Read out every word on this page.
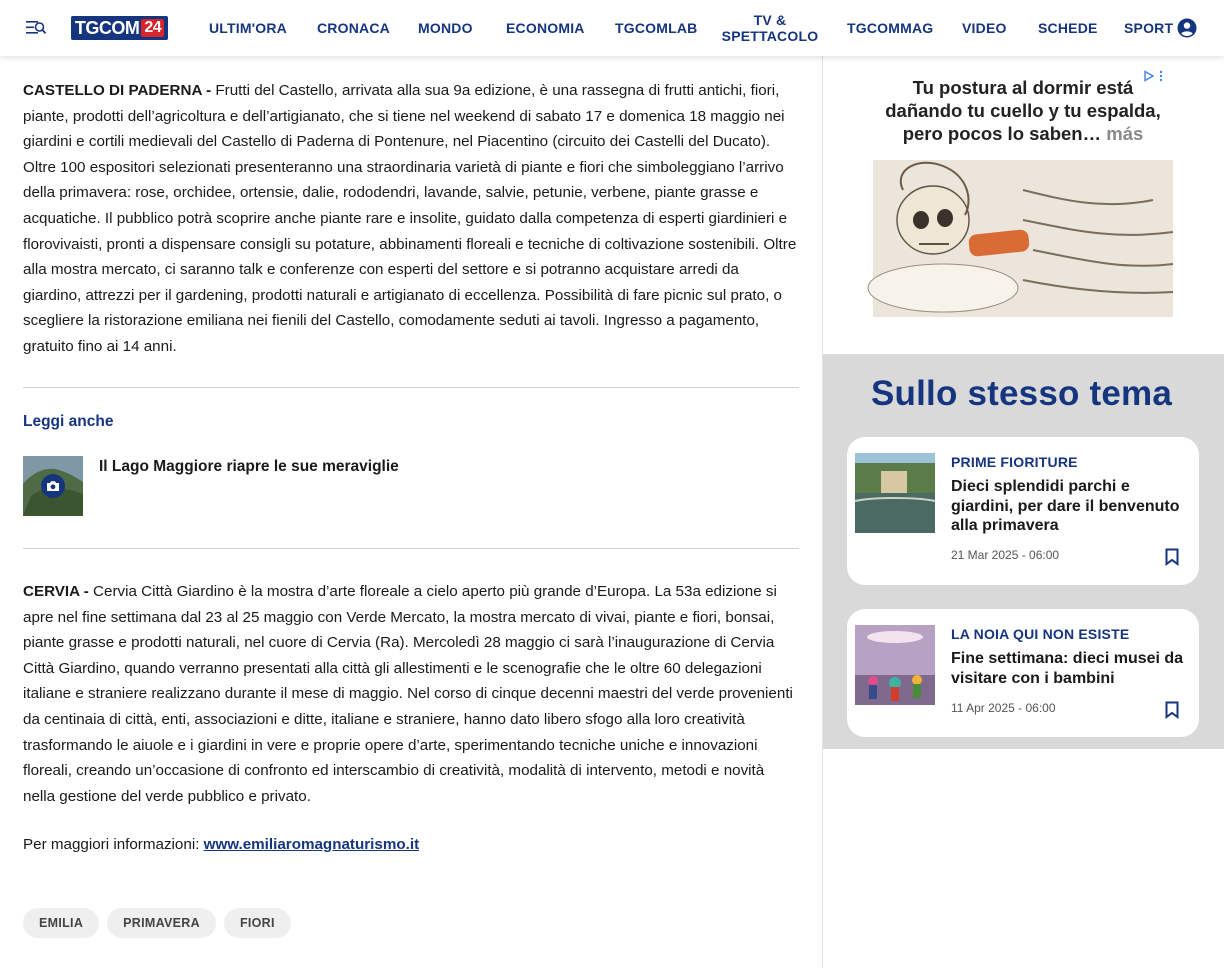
TGCOM 24	ULTIM'ORA CRONACA MONDO ECONOMIA TGCOMLAB	TV & SPETTACOLO TGCOMMAG VIDEO SCHEDE SPORT

CASTELLO DI PADERNA - Frutti del Castello, arrivata alla sua 9a edizione, è una rassegna di frutti antichi, fiori, piante, prodotti dell’agricoltura e dell’artigianato, che si tiene nel weekend di sabato 17 e domenica 18 maggio nei giardini e cortili medievali del Castello di Paderna di Pontenure, nel Piacentino (circuito dei Castelli del Ducato). Oltre 100 espositori selezionati presenteranno una straordinaria varietà di piante e fiori che simboleggiano l’arrivo della primavera: rose, orchidee, ortensie, dalie, rododendri, lavande, salvie, petunie, verbene, piante grasse e acquatiche. Il pubblico potrà scoprire anche piante rare e insolite, guidato dalla competenza di esperti giardinieri e florovivaisti, pronti a dispensare consigli su potature, abbinamenti floreali e tecniche di coltivazione sostenibili. Oltre alla mostra mercato, ci saranno talk e conferenze con esperti del settore e si potranno acquistare arredi da giardino, attrezzi per il gardening, prodotti naturali e artigianato di eccellenza. Possibilità di fare picnic sul prato, o scegliere la ristorazione emiliana nei fienili del Castello, comodamente seduti ai tavoli. Ingresso a pagamento, gratuito fino ai 14 anni.

Leggi anche
Il Lago Maggiore riapre le sue meraviglie

CERVIA - Cervia Città Giardino è la mostra d’arte floreale a cielo aperto più grande d’Europa. La 53a edizione si apre nel fine settimana dal 23 al 25 maggio con Verde Mercato, la mostra mercato di vivai, piante e fiori, bonsai, piante grasse e prodotti naturali, nel cuore di Cervia (Ra). Mercoledì 28 maggio ci sarà l’inaugurazione di Cervia Città Giardino, quando verranno presentati alla città gli allestimenti e le scenografie che le oltre 60 delegazioni italiane e straniere realizzano durante il mese di maggio. Nel corso di cinque decenni maestri del verde provenienti da centinaia di città, enti, associazioni e ditte, italiane e straniere, hanno dato libero sfogo alla loro creatività trasformando le aiuole e i giardini in vere e proprie opere d’arte, sperimentando tecniche uniche e innovazioni floreali, creando un’occasione di confronto ed interscambio di creatività, modalità di intervento, metodi e novità nella gestione del verde pubblico e privato.

Per maggiori informazioni: www.emiliaromagnaturismo.it
EMILIA	PRIMAVERA	FIORI
Tu postura al dormir está dañando tu cuello y tu espalda, pero pocos lo saben… más
Sullo stesso tema
PRIME FIORITURE
Dieci splendidi parchi e giardini, per dare il benvenuto alla primavera
21 Mar 2025 - 06:00
LA NOIA QUI NON ESISTE
Fine settimana: dieci musei da visitare con i bambini
11 Apr 2025 - 06:00
